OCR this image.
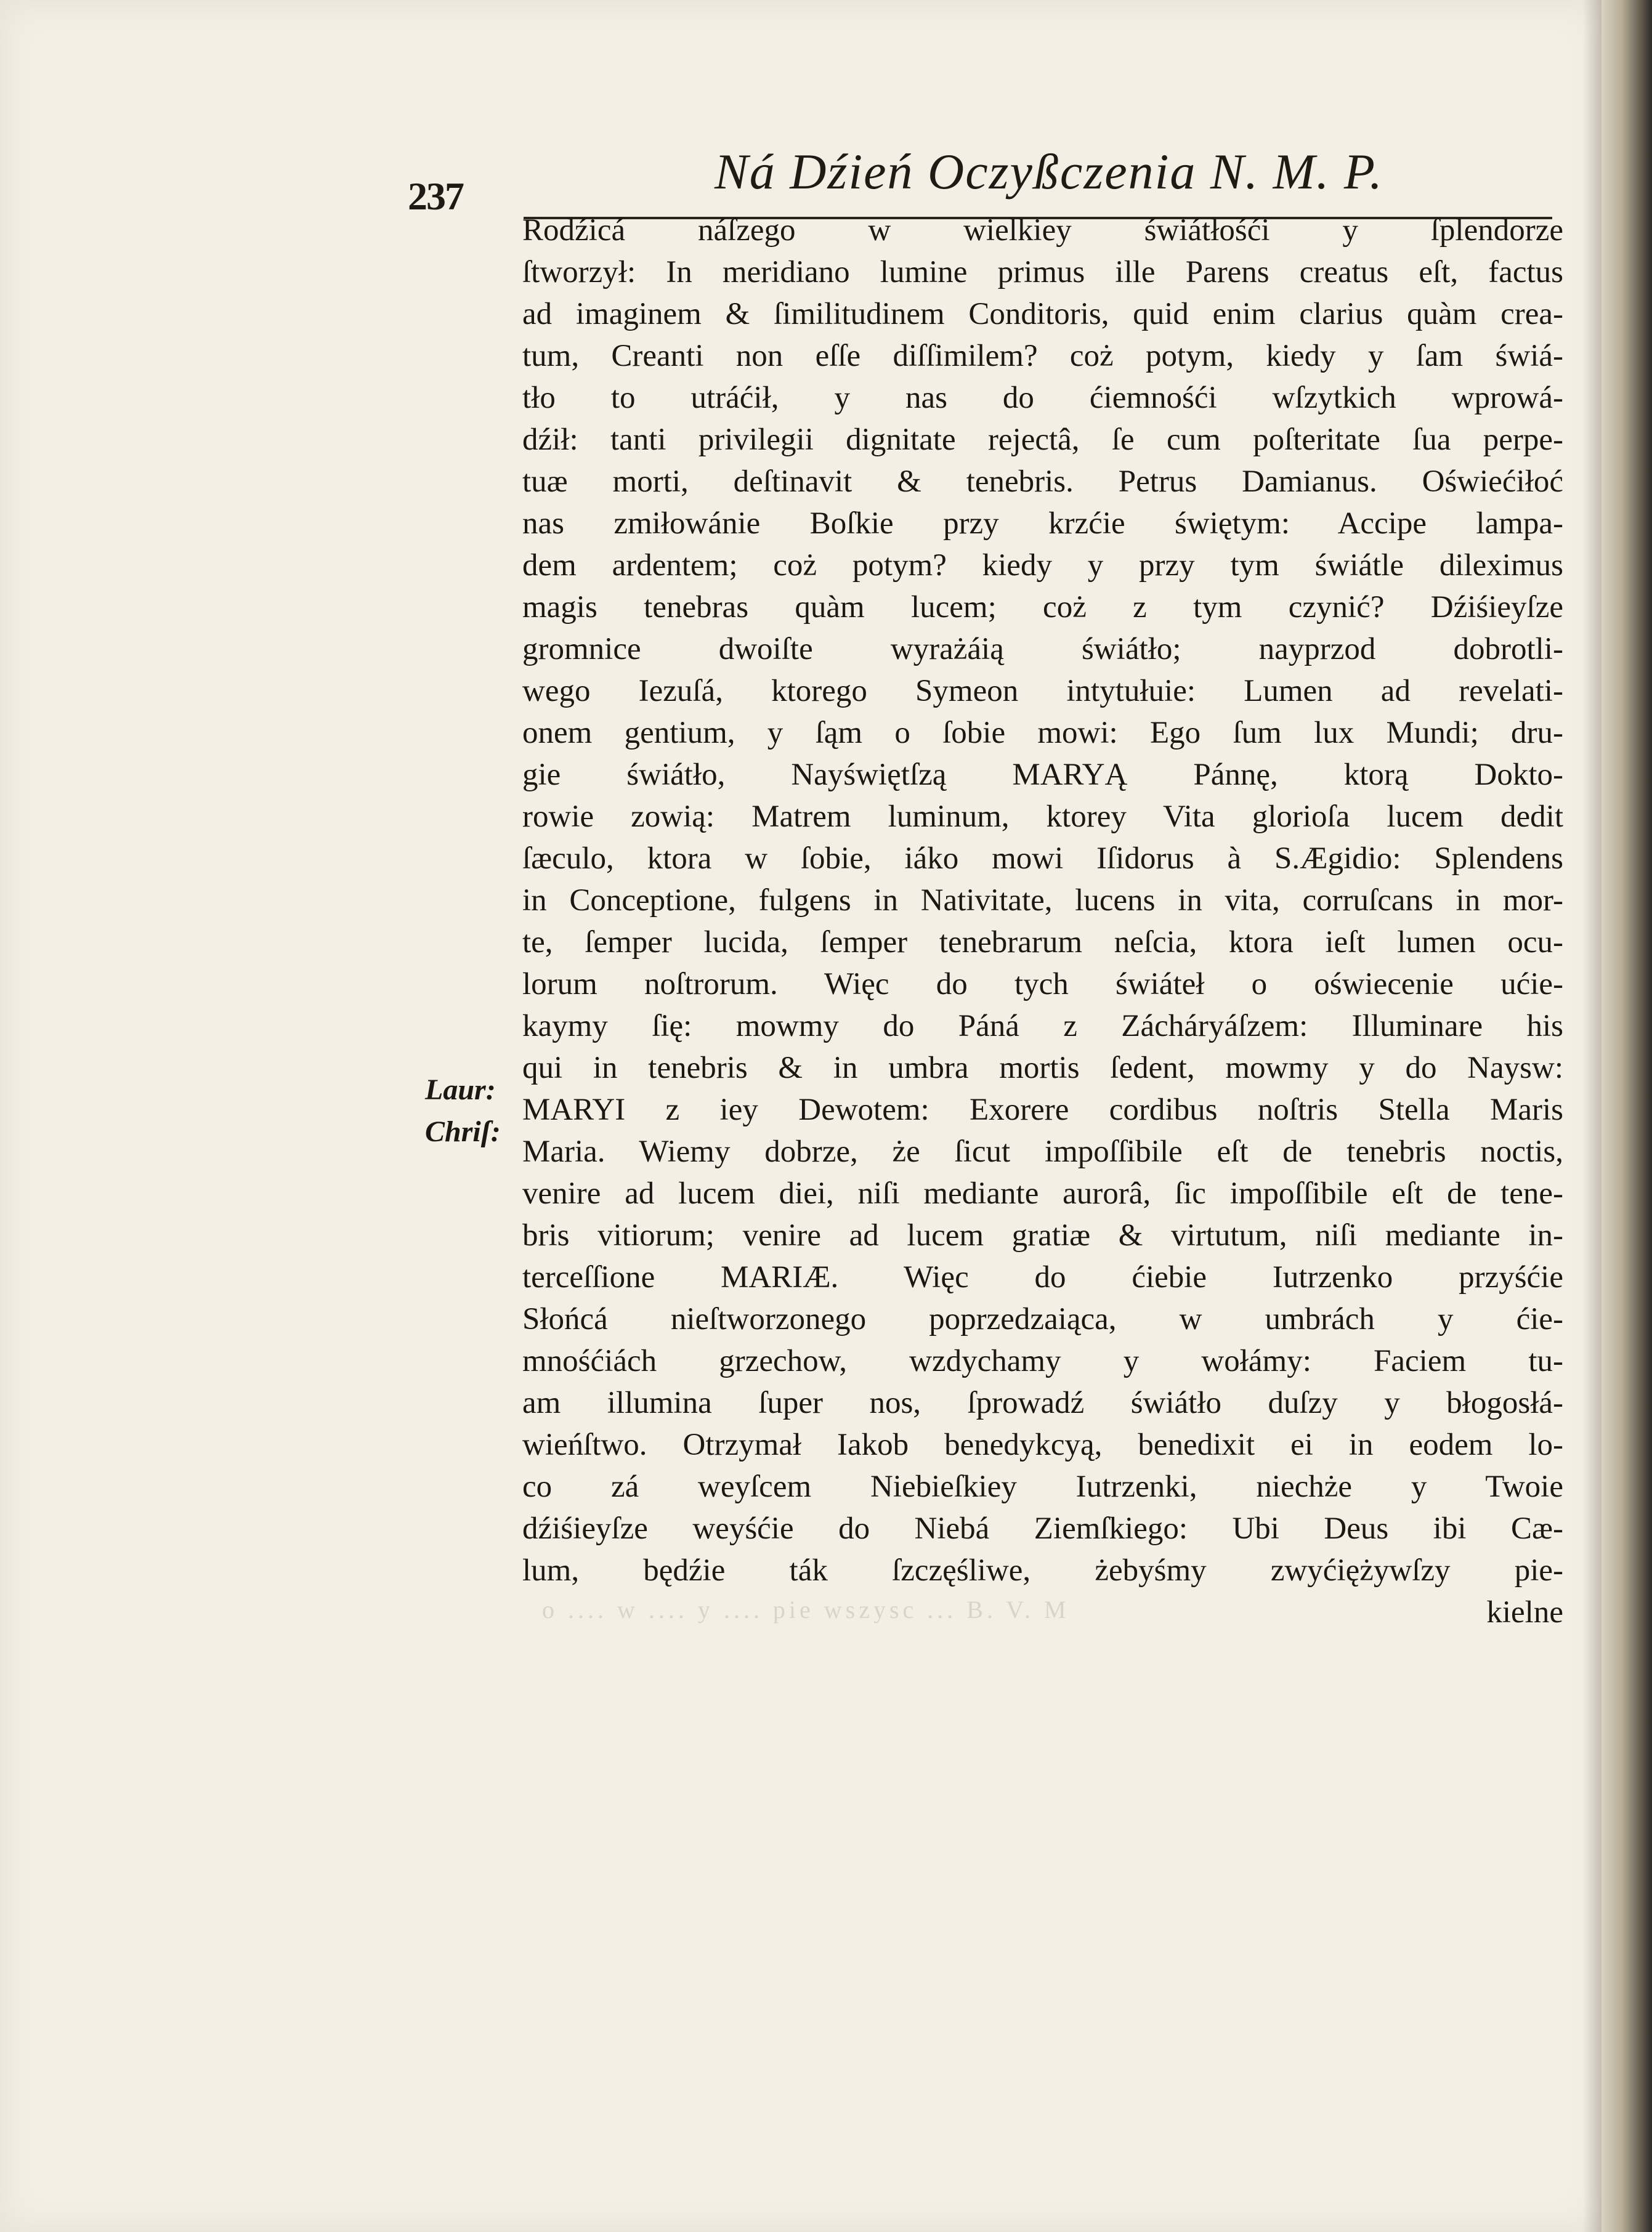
237	Ná Dźień Oczyßczenia N. M. P.
Laur:
Chriſ:
Rodźicá náſzego w wielkiey świátłośći y ſplendorze
ſtworzył: In meridiano lumine primus ille Parens creatus eſt, factus
ad imaginem & ſimilitudinem Conditoris, quid enim clarius quàm crea-
tum, Creanti non eſſe diſſimilem? coż potym, kiedy y ſam świá-
tło to utráćił, y nas do ćiemnośći wſzytkich wprowá-
dźił: tanti privilegii dignitate rejectâ, ſe cum poſteritate ſua perpe-
tuæ morti, deſtinavit & tenebris. Petrus Damianus. Oświećiłoć
nas zmiłowánie Boſkie przy krzćie świętym: Accipe lampa-
dem ardentem; coż potym? kiedy y przy tym świátle dileximus
magis tenebras quàm lucem; coż z tym czynić? Dźiśieyſze
gromnice dwoiſte wyrażáią świátło; nayprzod dobrotli-
wego Iezuſá, ktorego Symeon intytułuie: Lumen ad revelati-
onem gentium, y ſąm o ſobie mowi: Ego ſum lux Mundi; dru-
gie świátło, Nayświętſzą MARYĄ Pánnę, ktorą Dokto-
rowie zowią: Matrem luminum, ktorey Vita glorioſa lucem dedit
ſæculo, ktora w ſobie, iáko mowi Iſidorus à S.Ægidio: Splendens
in Conceptione, fulgens in Nativitate, lucens in vita, corruſcans in mor-
te, ſemper lucida, ſemper tenebrarum neſcia, ktora ieſt lumen ocu-
lorum noſtrorum. Więc do tych świáteł o oświecenie ućie-
kaymy ſię: mowmy do Páná z Zácháryáſzem: Illuminare his
qui in tenebris & in umbra mortis ſedent, mowmy y do Naysw:
MARYI z iey Dewotem: Exorere cordibus noſtris Stella Maris
Maria. Wiemy dobrze, że ſicut impoſſibile eſt de tenebris noctis,
venire ad lucem diei, niſi mediante aurorâ, ſic impoſſibile eſt de tene-
bris vitiorum; venire ad lucem gratiæ & virtutum, niſi mediante in-
terceſſione MARIÆ. Więc do ćiebie Iutrzenko przyśćie
Słońcá nieſtworzonego poprzedzaiąca, w umbrách y ćie-
mnośćiách grzechow, wzdychamy y wołámy: Faciem tu-
am illumina ſuper nos, ſprowadź świátło duſzy y błogosłá-
wieńſtwo. Otrzymał Iakob benedykcyą, benedixit ei in eodem lo-
co zá weyſcem Niebieſkiey Iutrzenki, niechże y Twoie
dźiśieyſze weyśćie do Niebá Ziemſkiego: Ubi Deus ibi Cæ-
lum, będźie ták ſzczęśliwe, żebyśmy zwyćiężywſzy pie-
kielne
o .... w .... y .... pie wszysc ... B. V. M
